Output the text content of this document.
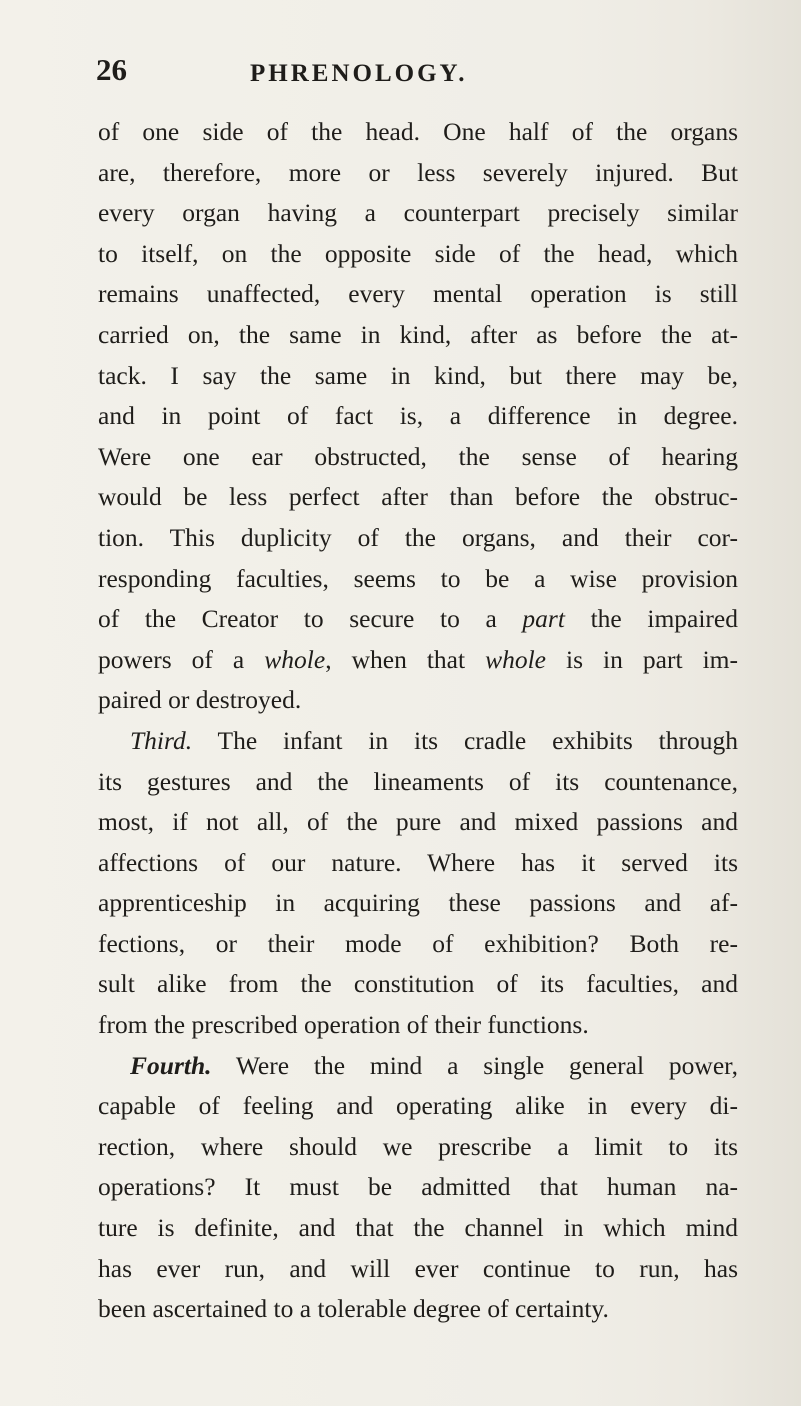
26	PHRENOLOGY.
of one side of the head. One half of the organs
are, therefore, more or less severely injured. But
every organ having a counterpart precisely similar
to itself, on the opposite side of the head, which
remains unaffected, every mental operation is still
carried on, the same in kind, after as before the at-
tack. I say the same in kind, but there may be,
and in point of fact is, a difference in degree.
Were one ear obstructed, the sense of hearing
would be less perfect after than before the obstruc-
tion. This duplicity of the organs, and their cor-
responding faculties, seems to be a wise provision
of the Creator to secure to a part the impaired
powers of a whole, when that whole is in part im-
paired or destroyed.
Third. The infant in its cradle exhibits through
its gestures and the lineaments of its countenance,
most, if not all, of the pure and mixed passions and
affections of our nature. Where has it served its
apprenticeship in acquiring these passions and af-
fections, or their mode of exhibition? Both re-
sult alike from the constitution of its faculties, and
from the prescribed operation of their functions.
Fourth. Were the mind a single general power,
capable of feeling and operating alike in every di-
rection, where should we prescribe a limit to its
operations? It must be admitted that human na-
ture is definite, and that the channel in which mind
has ever run, and will ever continue to run, has
been ascertained to a tolerable degree of certainty.
